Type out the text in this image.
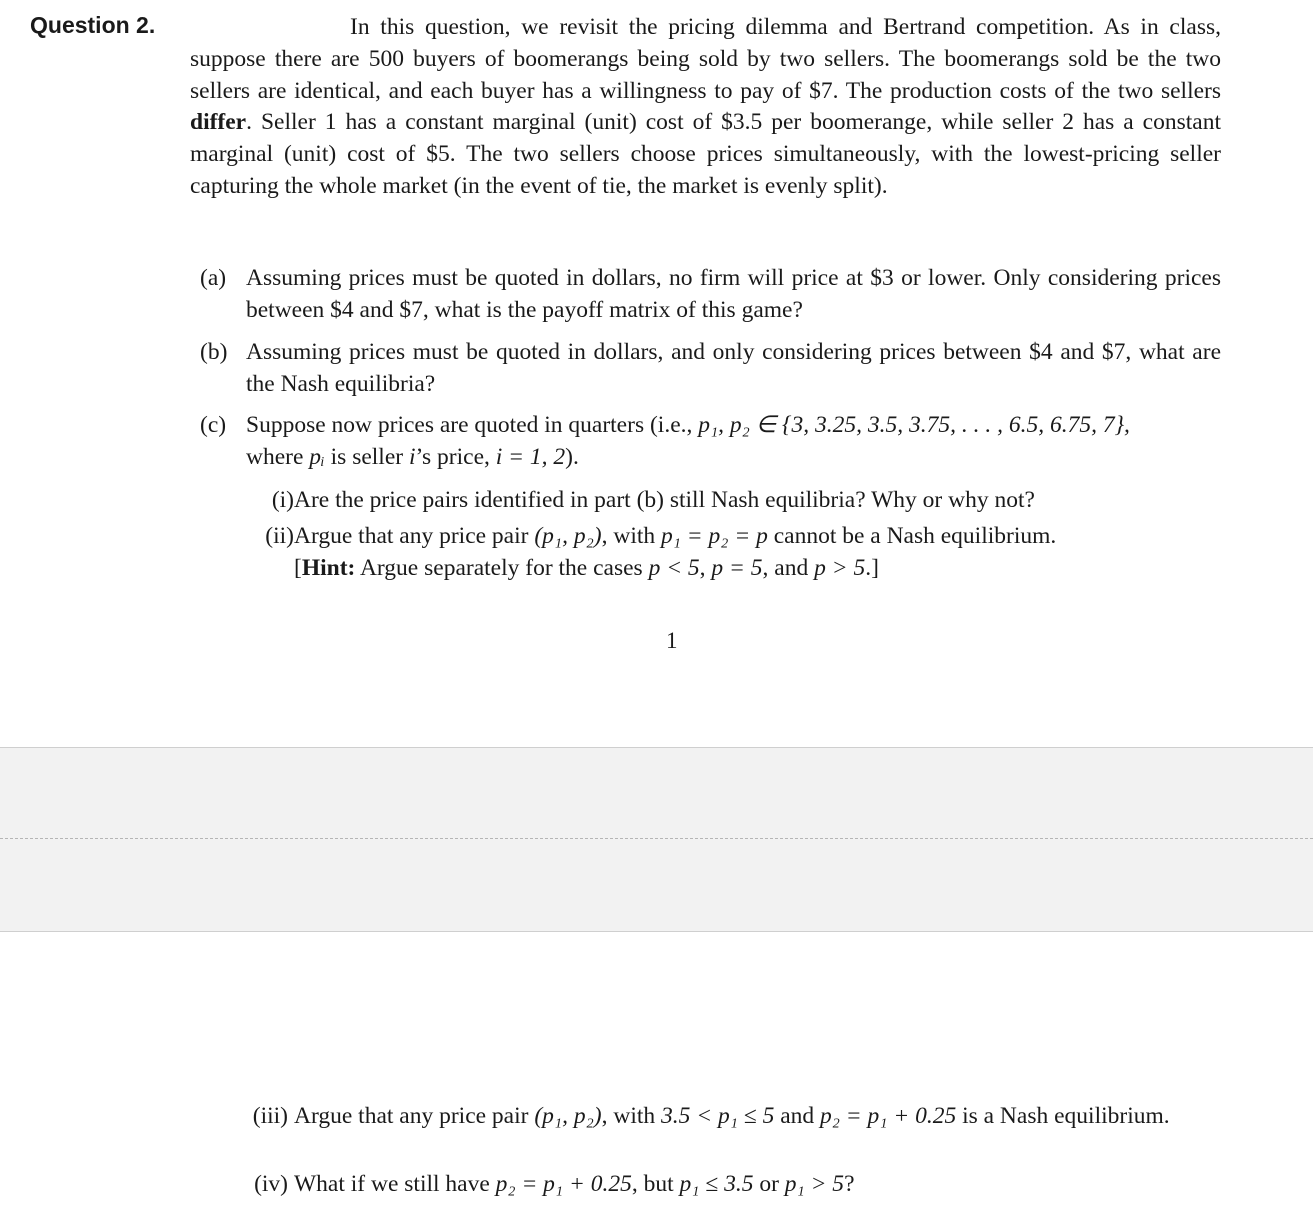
Question 2.	In this question, we revisit the pricing dilemma and Bertrand competition. As in class, suppose there are 500 buyers of boomerangs being sold by two sellers. The boomerangs sold be the two sellers are identical, and each buyer has a willingness to pay of $7. The production costs of the two sellers differ. Seller 1 has a constant marginal (unit) cost of $3.5 per boomerange, while seller 2 has a constant marginal (unit) cost of $5. The two sellers choose prices simultaneously, with the lowest-pricing seller capturing the whole market (in the event of tie, the market is evenly split).
(a) Assuming prices must be quoted in dollars, no firm will price at $3 or lower. Only considering prices between $4 and $7, what is the payoff matrix of this game?
(b) Assuming prices must be quoted in dollars, and only considering prices between $4 and $7, what are the Nash equilibria?
(c) Suppose now prices are quoted in quarters (i.e., p₁, p₂ ∈ {3, 3.25, 3.5, 3.75, . . . , 6.5, 6.75, 7},
where pᵢ is seller i’s price, i = 1, 2).
(i) Are the price pairs identified in part (b) still Nash equilibria? Why or why not?
(ii) Argue that any price pair (p₁, p₂), with p₁ = p₂ = p cannot be a Nash equilibrium.
[Hint: Argue separately for the cases p < 5, p = 5, and p > 5.]
1
(iii) Argue that any price pair (p₁, p₂), with 3.5 < p₁ ≤ 5 and p₂ = p₁ + 0.25 is a Nash equilibrium.
(iv) What if we still have p₂ = p₁ + 0.25, but p₁ ≤ 3.5 or p₁ > 5?
